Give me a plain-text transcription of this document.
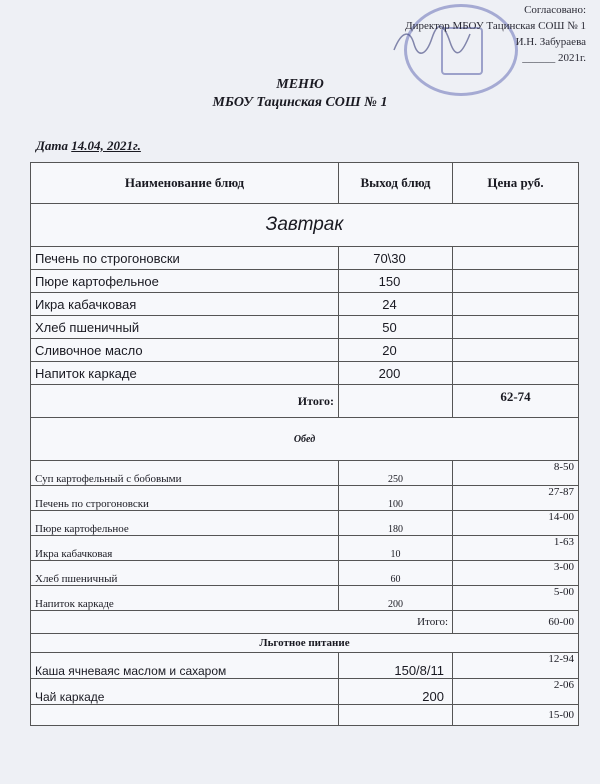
Согласовано:
Директор МБОУ Тацинская СОШ № 1
И.Н. Забураева
______ 2021г.
МЕНЮ
МБОУ Тацинская СОШ № 1
Дата 14.04, 2021г.
Наименование блюд	Выход блюд	Цена руб.
Завтрак		
Печень по строгоновски	70\30	
Пюре картофельное	150	
Икра кабачковая	24	
Хлеб пшеничный	50	
Сливочное масло	20	
Напиток каркаде	200	
Итого:		62-74
Обед		
Суп картофельный с бобовыми	250	8-50
Печень по строгоновски	100	27-87
Пюре картофельное	180	14-00
Икра кабачковая	10	1-63
Хлеб пшеничный	60	3-00
Напиток каркаде	200	5-00
Итого:		60-00
Льготное питание		
Каша ячневаяс маслом и сахаром	150/8/11	12-94
Чай каркаде	200	2-06
		15-00
